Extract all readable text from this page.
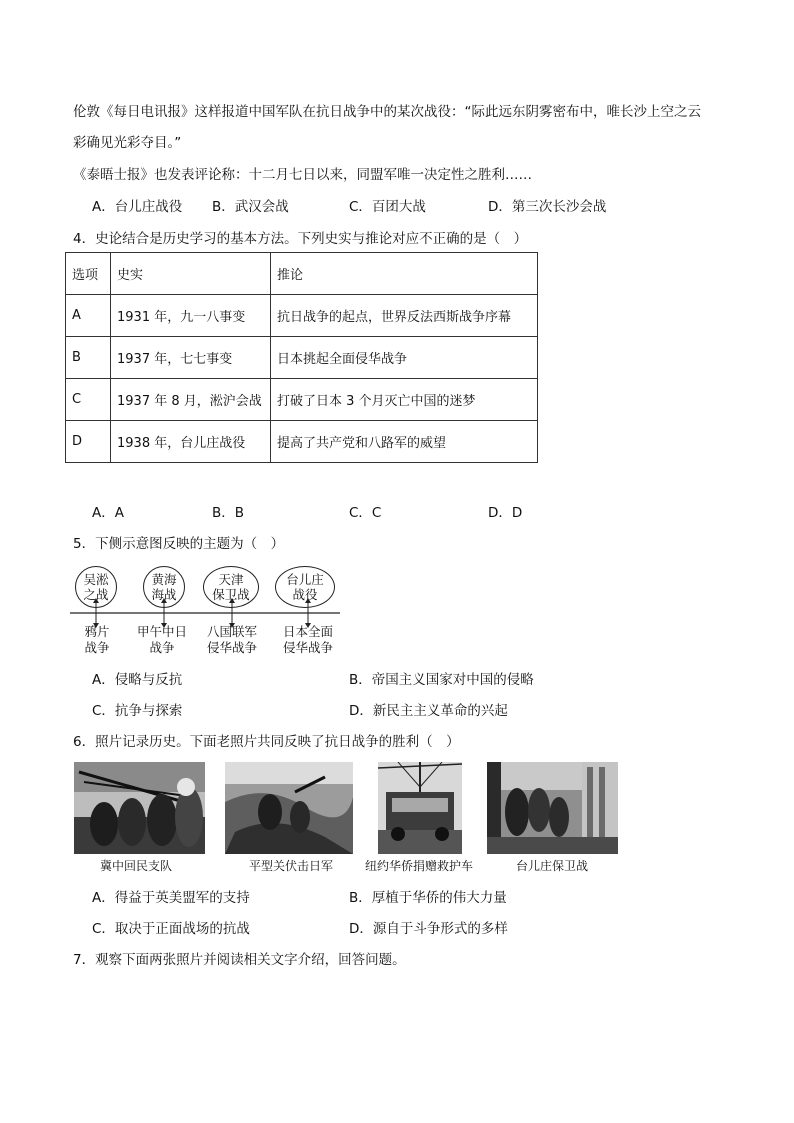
伦敦《每日电讯报》这样报道中国军队在抗日战争中的某次战役：“际此远东阴雾密布中，唯长沙上空之云
彩确见光彩夺目。”
《泰晤士报》也发表评论称：十二月七日以来，同盟军唯一决定性之胜利……
A．台儿庄战役 B．武汉会战	C．百团大战	D．第三次长沙会战
4．史论结合是历史学习的基本方法。下列史实与推论对应不正确的是（　）
选项	史实	推论
A	1931 年，九一八事变	抗日战争的起点，世界反法西斯战争序幕
B	1937 年，七七事变	日本挑起全面侵华战争
C	1937 年 8 月，淞沪会战	打破了日本 3 个月灭亡中国的迷梦
D	1938 年，台儿庄战役	提高了共产党和八路军的威望
A．A	B．B	C．C	D．D
5．下侧示意图反映的主题为（　）
吴淞
之战
黄海
海战
天津
保卫战
台儿庄
战役
鸦片
战争
甲午中日
战争
八国联军
侵华战争
日本全面
侵华战争
A．侵略与反抗	B．帝国主义国家对中国的侵略
C．抗争与探索	D．新民主主义革命的兴起
6．照片记录历史。下面老照片共同反映了抗日战争的胜利（　）
冀中回民支队	平型关伏击日军	纽约华侨捐赠救护车	台儿庄保卫战
A．得益于英美盟军的支持	B．厚植于华侨的伟大力量
C．取决于正面战场的抗战	D．源自于斗争形式的多样
7．观察下面两张照片并阅读相关文字介绍，回答问题。
